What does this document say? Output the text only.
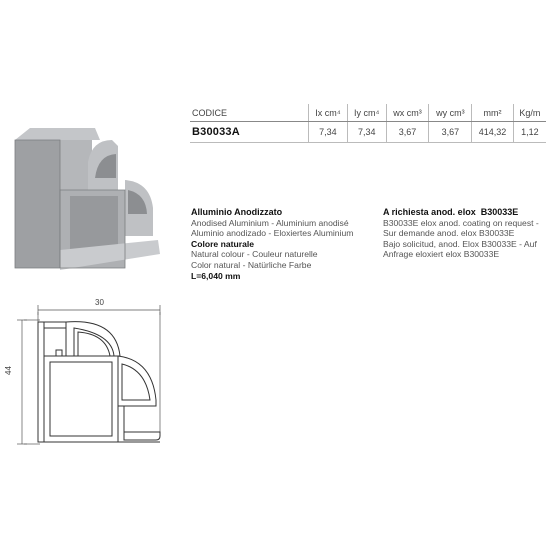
30
44
CODICE	Ix cm⁴	Iy cm⁴	wx cm³	wy cm³	mm²	Kg/m
B30033A	7,34	7,34	3,67	3,67	414,32	1,12
Alluminio Anodizzato
Anodised Aluminium - Aluminium anodisé
Aluminio anodizado - Eloxiertes Aluminium
Colore naturale
Natural colour - Couleur naturelle
Color natural - Natürliche Farbe
L=6,040 mm
A richiesta anod. elox  B30033E
B30033E elox anod. coating on request -
Sur demande anod. elox B30033E
Bajo solicitud, anod. Elox B30033E - Auf
Anfrage eloxiert elox B30033E
